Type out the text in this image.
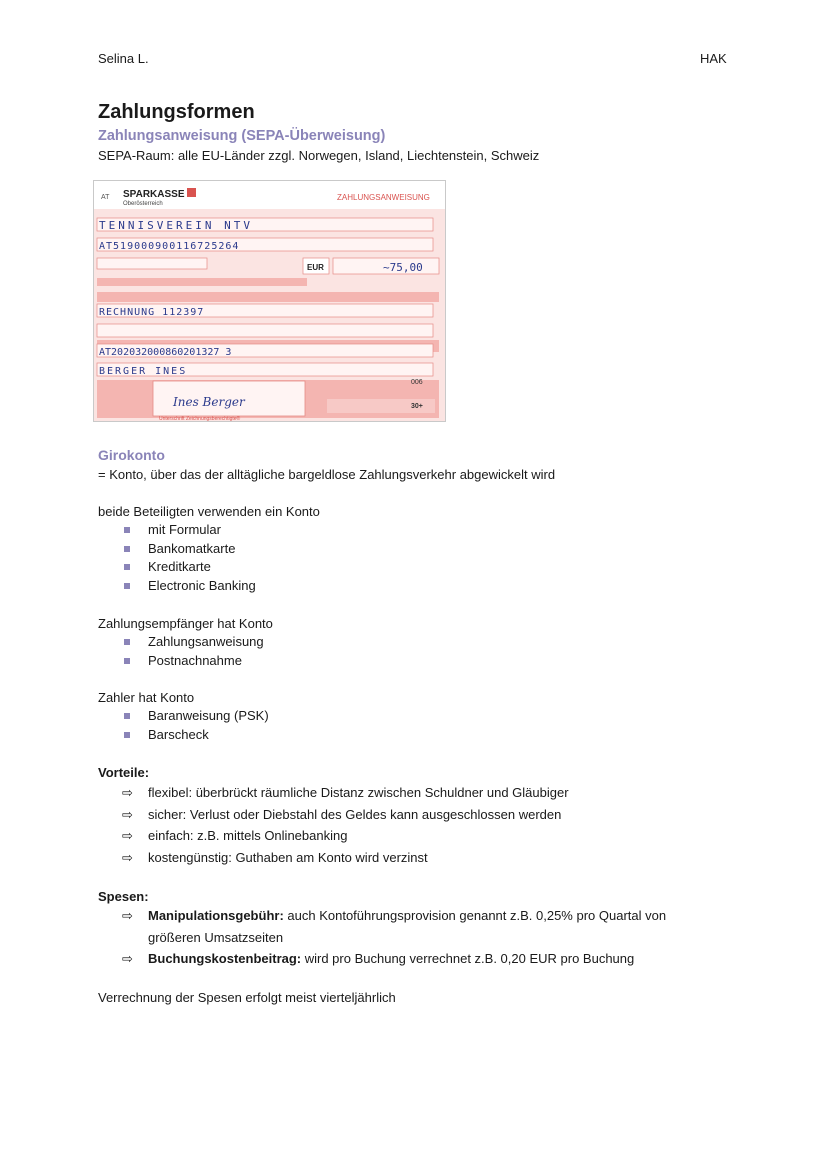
Selina L.	HAK
Zahlungsformen
Zahlungsanweisung (SEPA-Überweisung)
SEPA-Raum: alle EU-Länder zzgl. Norwegen, Island, Liechtenstein, Schweiz
AT SPARKASSE
Oberösterreich
ZAHLUNGSANWEISUNG
TENNISVEREIN NTV
AT519000900116725264
EUR	~75,00
RECHNUNG 112397
AT202032000860201327 3
BERGER INES
006
30+
Ines Berger
Unterschrift Zeichnungsberechtigte®
Girokonto
= Konto, über das der alltägliche bargeldlose Zahlungsverkehr abgewickelt wird
beide Beteiligten verwenden ein Konto
mit Formular
Bankomatkarte
Kreditkarte
Electronic Banking
Zahlungsempfänger hat Konto
Zahlungsanweisung
Postnachnahme
Zahler hat Konto
Baranweisung (PSK)
Barscheck
Vorteile:
⇨ flexibel: überbrückt räumliche Distanz zwischen Schuldner und Gläubiger
⇨ sicher: Verlust oder Diebstahl des Geldes kann ausgeschlossen werden
⇨ einfach: z.B. mittels Onlinebanking
⇨ kostengünstig: Guthaben am Konto wird verzinst
Spesen:
⇨ Manipulationsgebühr: auch Kontoführungsprovision genannt z.B. 0,25% pro Quartal von größeren Umsatzseiten
⇨ Buchungskostenbeitrag: wird pro Buchung verrechnet z.B. 0,20 EUR pro Buchung
Verrechnung der Spesen erfolgt meist vierteljährlich
